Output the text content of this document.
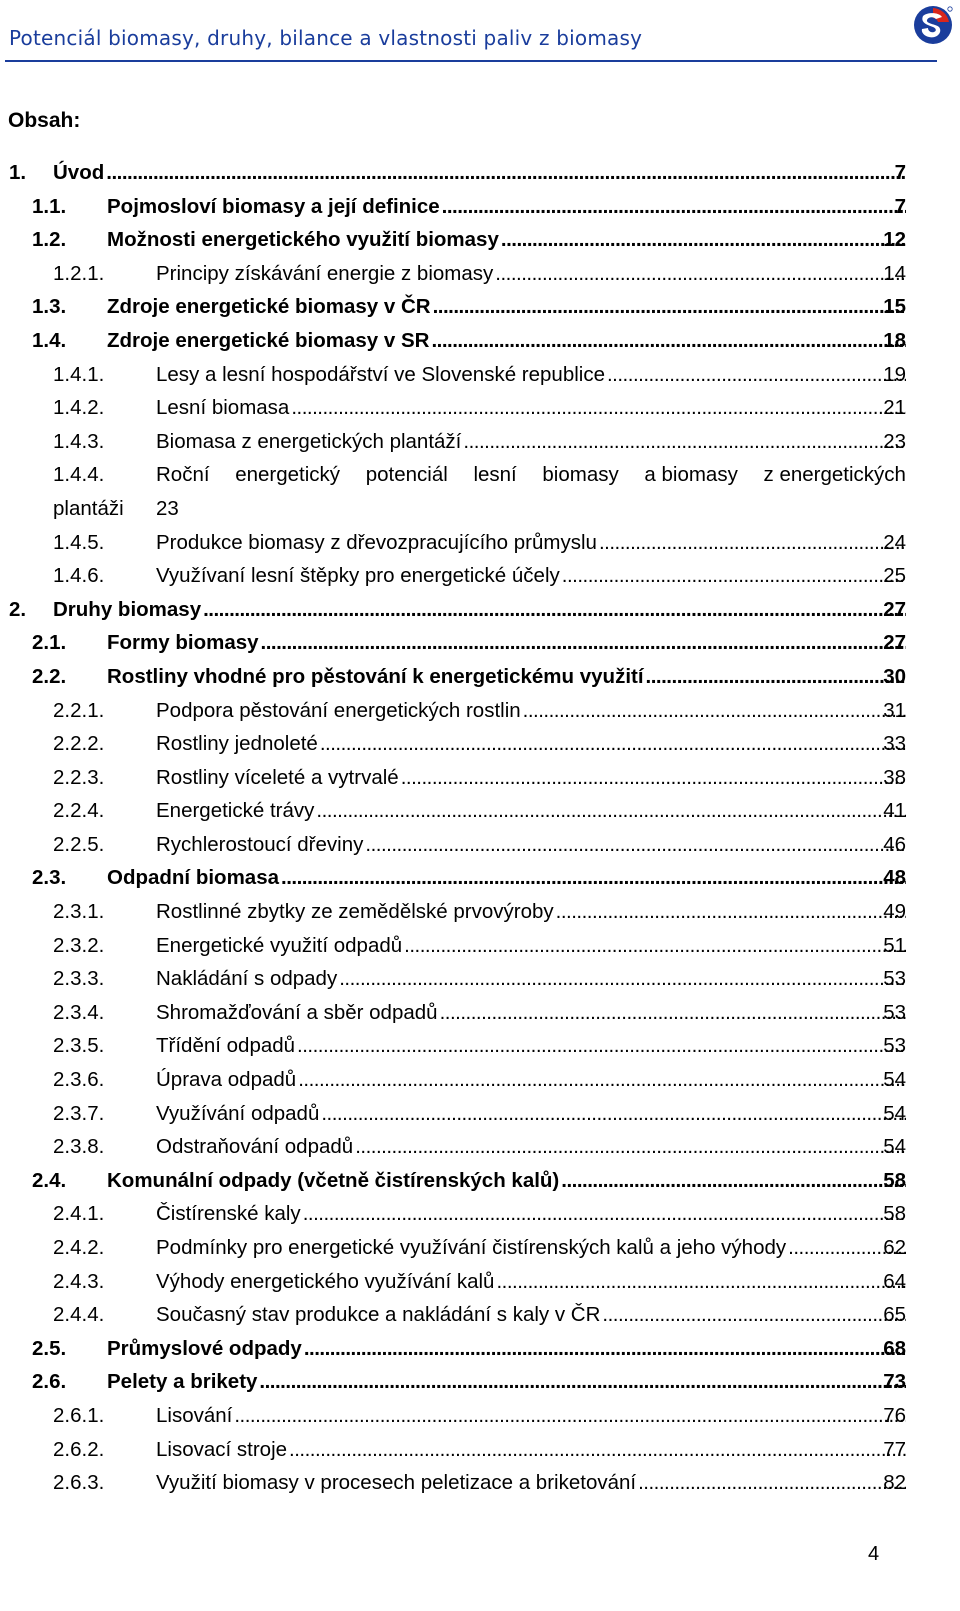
Potenciál biomasy, druhy, bilance a vlastnosti paliv z biomasy
Obsah:
1. Úvod . . .	7
1.1. Pojmosloví biomasy a její definice . . .	7
1.2. Možnosti energetického využití biomasy . . .	12
1.2.1.	Principy získávání energie z biomasy . . .	14
1.3. Zdroje energetické biomasy v ČR . . .	15
1.4. Zdroje energetické biomasy v SR . . .	18
1.4.1.	Lesy a lesní hospodářství ve Slovenské republice . . .	19
1.4.2.	Lesní biomasa . . .	21
1.4.3.	Biomasa z energetických plantáží . . .	23
1.4.4.	Roční energetický potenciál lesní biomasy a biomasy z energetických
plantáži 23
1.4.5.	Produkce biomasy z dřevozpracujícího průmyslu . . .	24
1.4.6.	Využívaní lesní štěpky pro energetické účely . . .	25
2. Druhy biomasy . . .	27
2.1. Formy biomasy . . .	27
2.2. Rostliny vhodné pro pěstování k energetickému využití . . .	30
2.2.1.	Podpora pěstování energetických rostlin . . .	31
2.2.2.	Rostliny jednoleté . . .	33
2.2.3.	Rostliny víceleté a vytrvalé . . .	38
2.2.4.	Energetické trávy . . .	41
2.2.5.	Rychlerostoucí dřeviny . . .	46
2.3. Odpadní biomasa . . .	48
2.3.1.	Rostlinné zbytky ze zemědělské prvovýroby . . .	49
2.3.2.	Energetické využití odpadů . . .	51
2.3.3.	Nakládání s odpady . . .	53
2.3.4.	Shromažďování a sběr odpadů . . .	53
2.3.5.	Třídění odpadů . . .	53
2.3.6.	Úprava odpadů . . .	54
2.3.7.	Využívání odpadů . . .	54
2.3.8.	Odstraňování odpadů . . .	54
2.4. Komunální odpady (včetně čistírenských kalů) . . .	58
2.4.1.	Čistírenské kaly . . .	58
2.4.2.	Podmínky pro energetické využívání čistírenských kalů a jeho výhody . . .	62
2.4.3.	Výhody energetického využívání kalů . . .	64
2.4.4.	Současný stav produkce a nakládání s kaly v ČR . . .	65
2.5. Průmyslové odpady . . .	68
2.6. Pelety a brikety . . .	73
2.6.1.	Lisování . . .	76
2.6.2.	Lisovací stroje . . .	77
2.6.3.	Využití biomasy v procesech peletizace a briketování . . .	82
4
